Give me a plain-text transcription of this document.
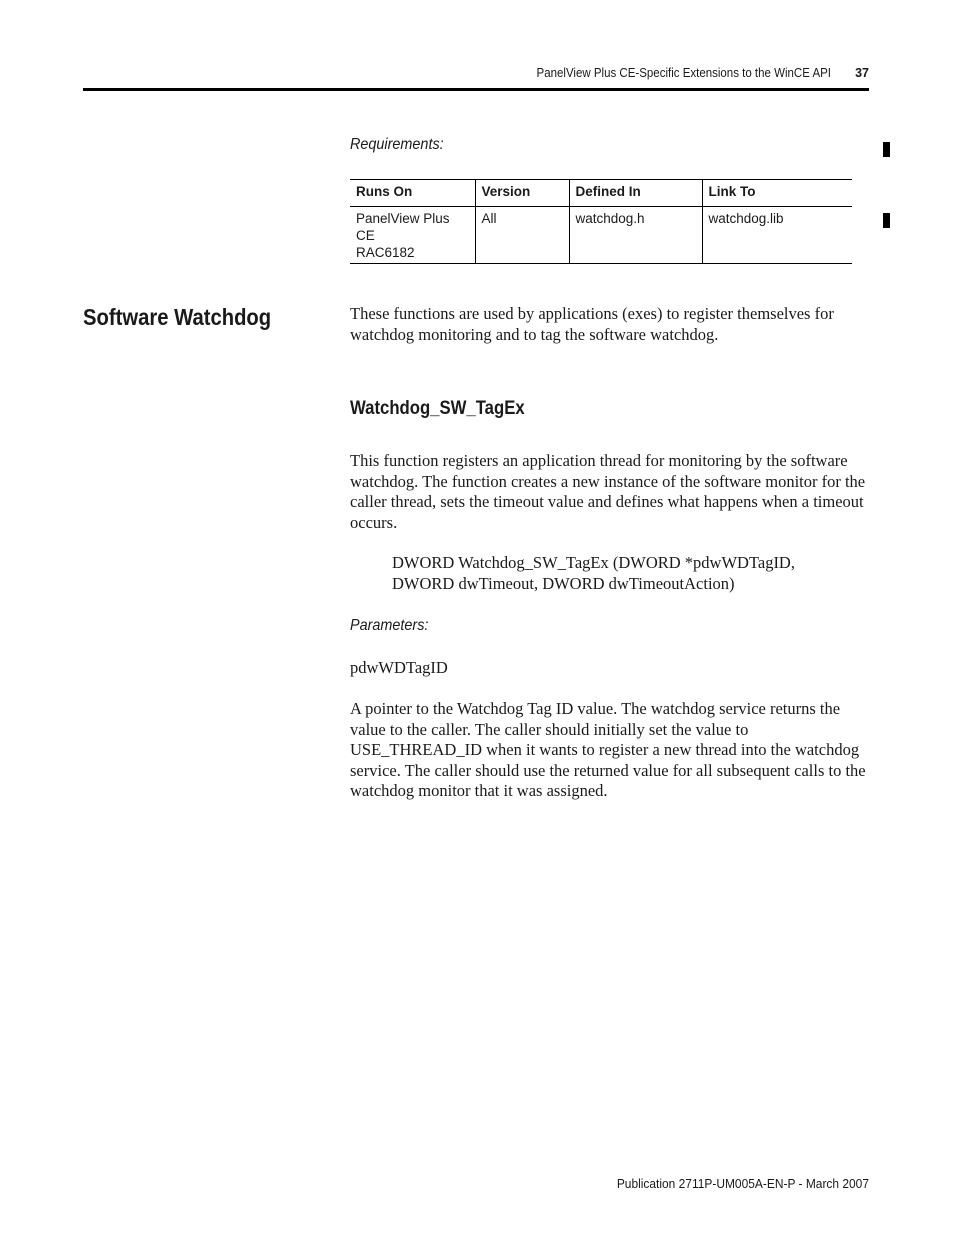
PanelView Plus CE-Specific Extensions to the WinCE API 37
Requirements:
Runs On	Version	Defined In	Link To
PanelView Plus CE
RAC6182	All	watchdog.h	watchdog.lib
Software Watchdog	These functions are used by applications (exes) to register themselves for watchdog monitoring and to tag the software watchdog.

Watchdog_SW_TagEx

This function registers an application thread for monitoring by the software watchdog. The function creates a new instance of the software monitor for the caller thread, sets the timeout value and defines what happens when a timeout occurs.

DWORD Watchdog_SW_TagEx (DWORD *pdwWDTagID,

DWORD dwTimeout, DWORD dwTimeoutAction)

Parameters:

pdwWDTagID

A pointer to the Watchdog Tag ID value. The watchdog service returns the value to the caller. The caller should initially set the value to USE_THREAD_ID when it wants to register a new thread into the watchdog service. The caller should use the returned value for all subsequent calls to the watchdog monitor that it was assigned.

Publication 2711P-UM005A-EN-P - March 2007
